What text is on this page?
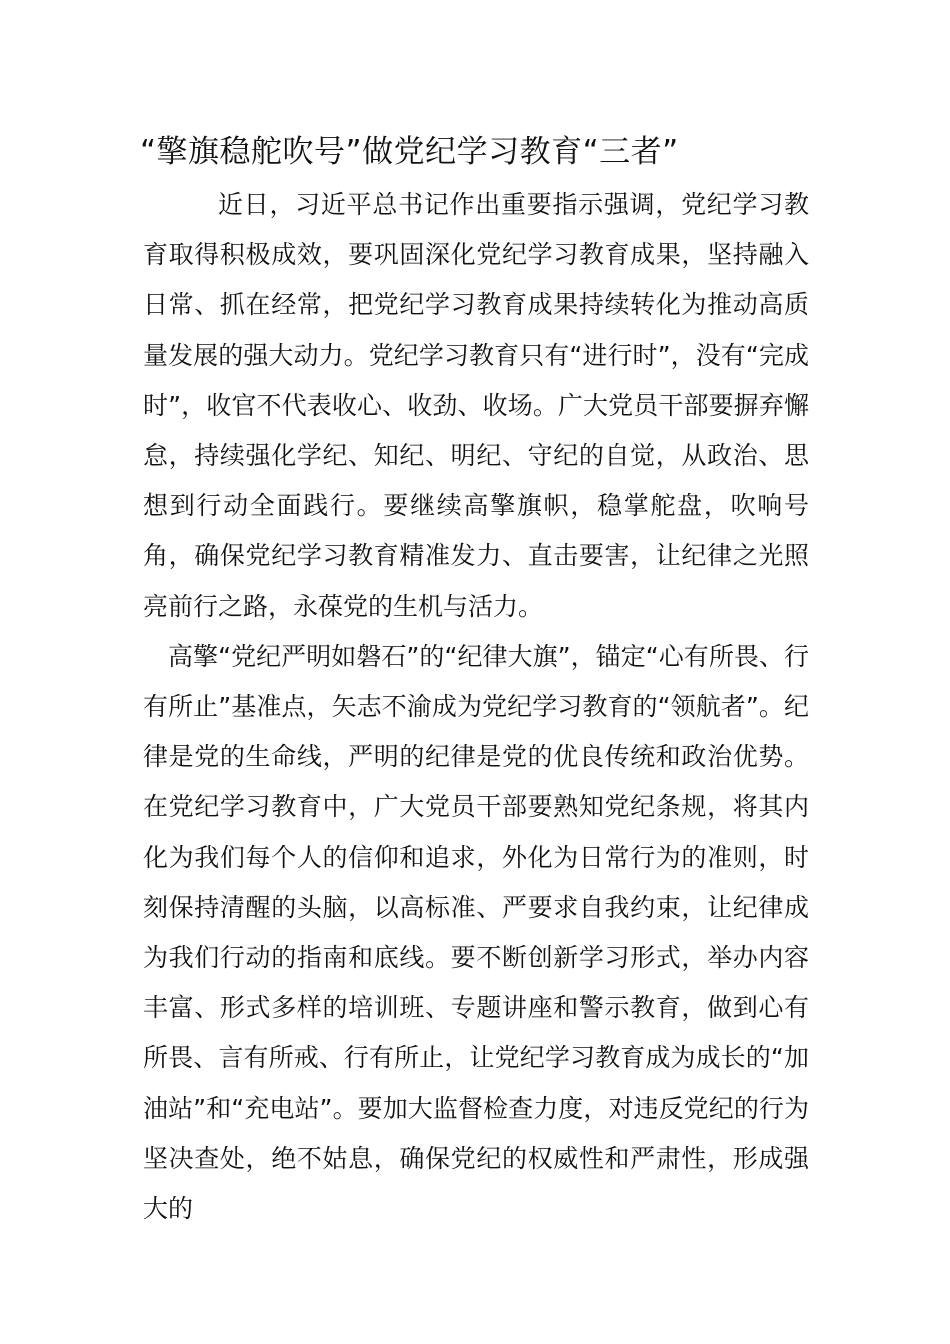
“擎旗稳舵吹号”做党纪学习教育“三者”

近日，习近平总书记作出重要指示强调，党纪学习教育取得积极成效，要巩固深化党纪学习教育成果，坚持融入日常、抓在经常，把党纪学习教育成果持续转化为推动高质量发展的强大动力。党纪学习教育只有“进行时”，没有“完成时”，收官不代表收心、收劲、收场。广大党员干部要摒弃懈怠，持续强化学纪、知纪、明纪、守纪的自觉，从政治、思想到行动全面践行。要继续高擎旗帜，稳掌舵盘，吹响号角，确保党纪学习教育精准发力、直击要害，让纪律之光照亮前行之路，永葆党的生机与活力。

高擎“党纪严明如磐石”的“纪律大旗”，锚定“心有所畏、行有所止”基准点，矢志不渝成为党纪学习教育的“领航者”。纪律是党的生命线，严明的纪律是党的优良传统和政治优势。在党纪学习教育中，广大党员干部要熟知党纪条规，将其内化为我们每个人的信仰和追求，外化为日常行为的准则，时刻保持清醒的头脑，以高标准、严要求自我约束，让纪律成为我们行动的指南和底线。要不断创新学习形式，举办内容丰富、形式多样的培训班、专题讲座和警示教育，做到心有所畏、言有所戒、行有所止，让党纪学习教育成为成长的“加油站”和“充电站”。要加大监督检查力度，对违反党纪的行为坚决查处，绝不姑息，确保党纪的权威性和严肃性，形成强大的
